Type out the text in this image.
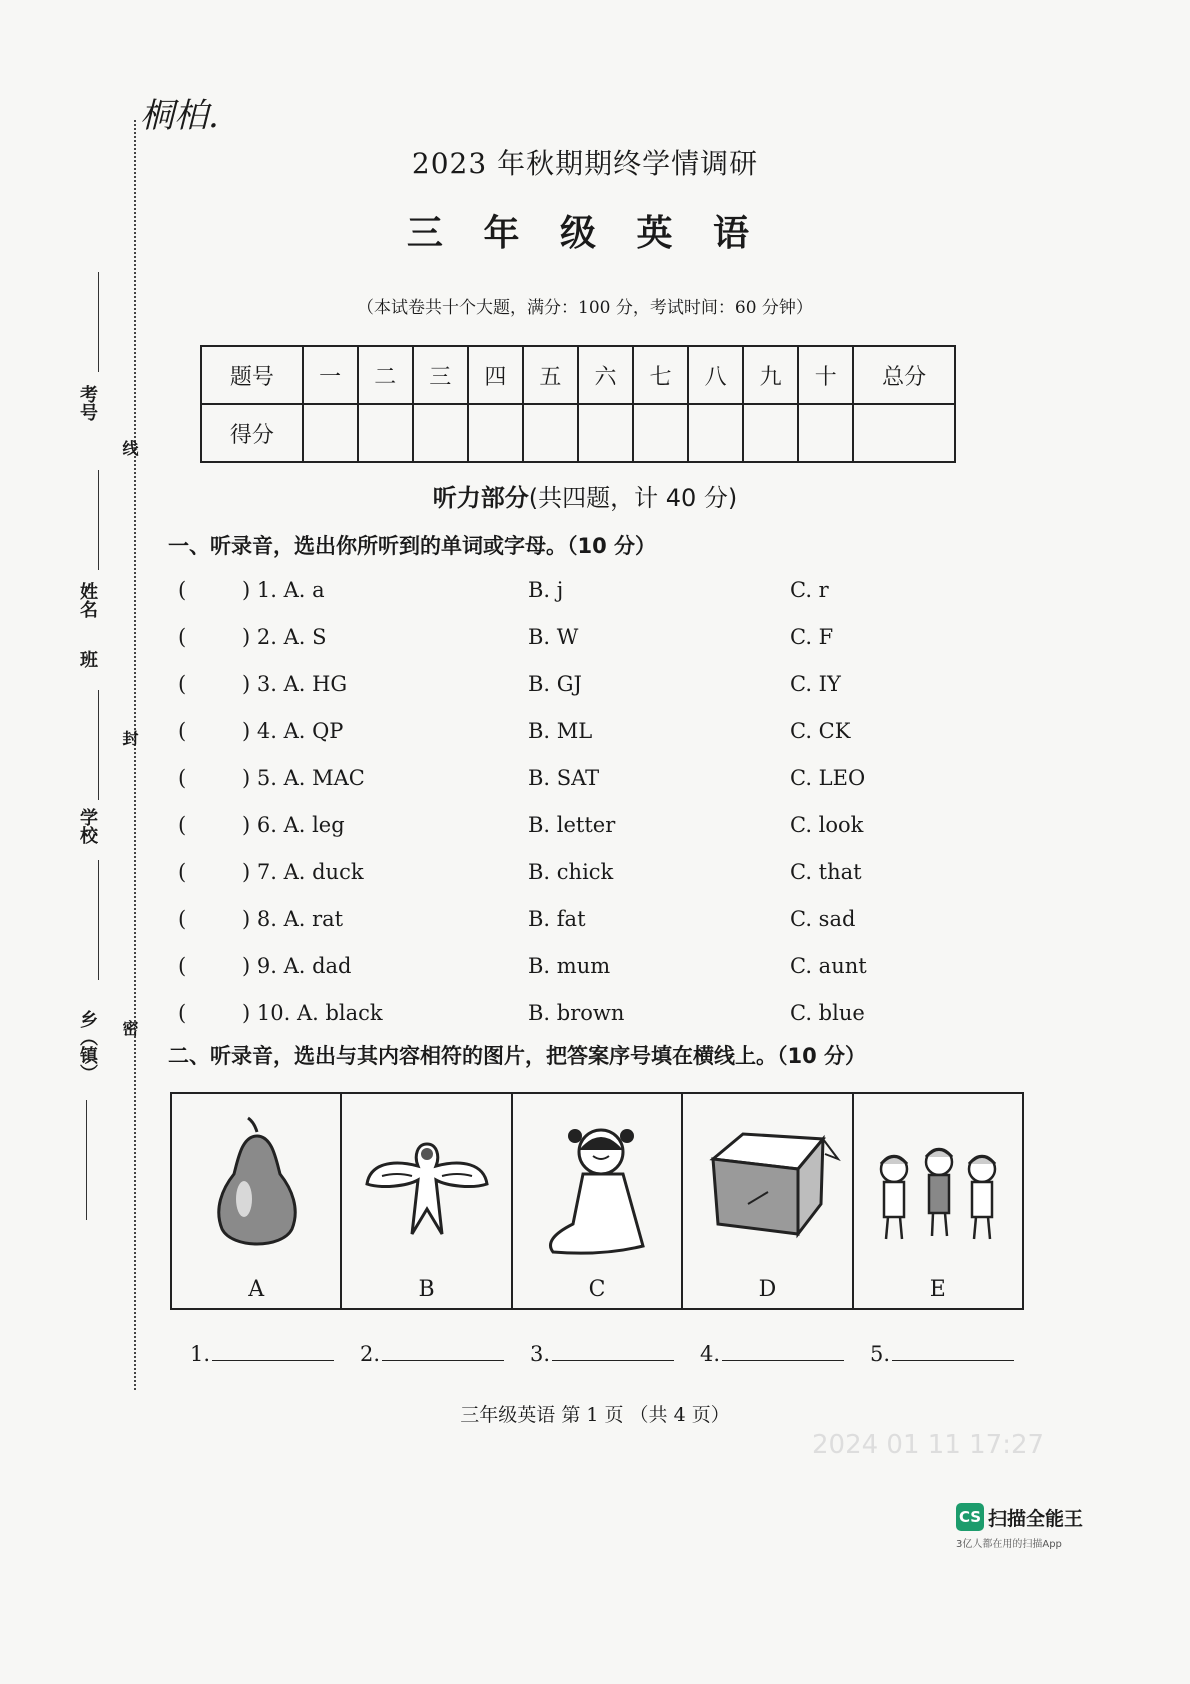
桐柏.
考号
姓名
班
学校
乡（镇）
线
封
密
2023 年秋期期终学情调研
三 年 级 英 语
（本试卷共十个大题，满分：100 分，考试时间：60 分钟）
题号	一	二	三	四	五	六	七	八	九	十	总分
得分											
听力部分(共四题，计 40 分)
一、听录音，选出你所听到的单词或字母。（10 分）
(	) 1. A. a	B. j	C. r
(	) 2. A. S	B. W	C. F
(	) 3. A. HG	B. GJ	C. IY
(	) 4. A. QP	B. ML	C. CK
(	) 5. A. MAC	B. SAT	C. LEO
(	) 6. A. leg	B. letter	C. look
(	) 7. A. duck	B. chick	C. that
(	) 8. A. rat	B. fat	C. sad
(	) 9. A. dad	B. mum	C. aunt
(	) 10. A. black	B. brown	C. blue
二、听录音，选出与其内容相符的图片，把答案序号填在横线上。（10 分）
A	B	C	D	E
1.	2.	3.	4.	5.
三年级英语 第 1 页 （共 4 页）
2024 01 11 17:27
CS 扫描全能王
3亿人都在用的扫描App
